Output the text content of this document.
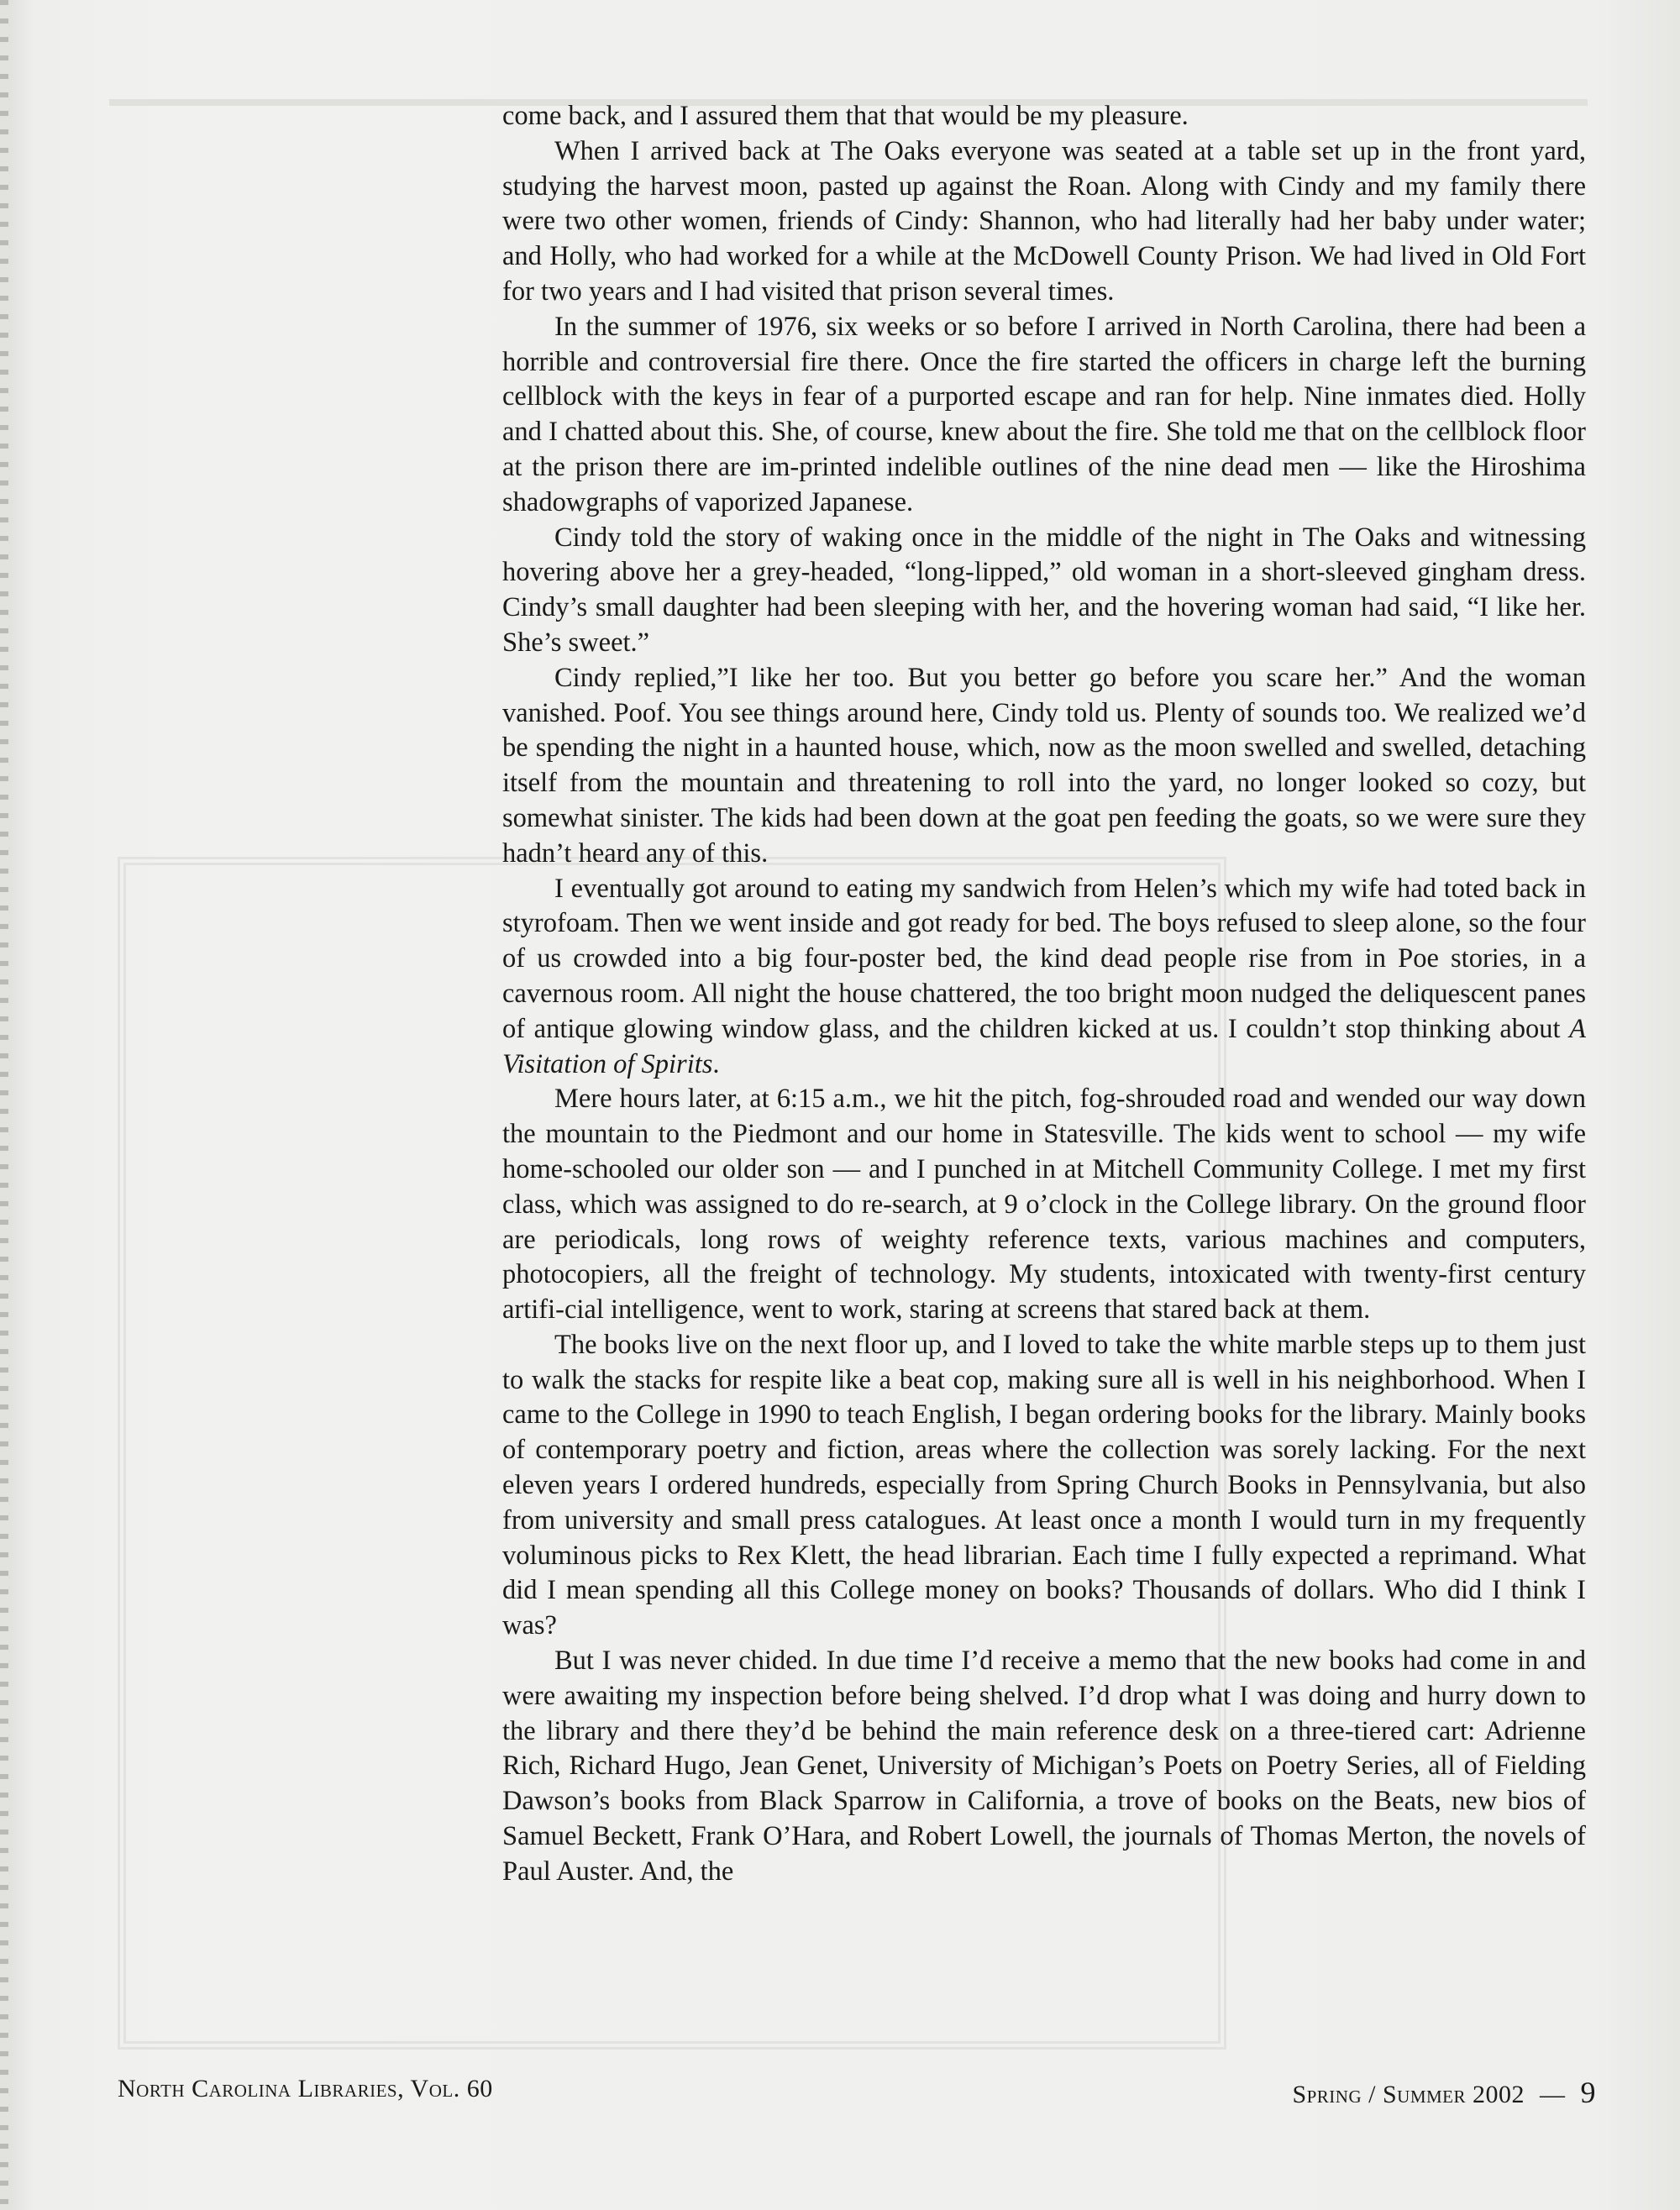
come back, and I assured them that that would be my pleasure.

When I arrived back at The Oaks everyone was seated at a table set up in the front yard, studying the harvest moon, pasted up against the Roan. Along with Cindy and my family there were two other women, friends of Cindy: Shannon, who had literally had her baby under water; and Holly, who had worked for a while at the McDowell County Prison. We had lived in Old Fort for two years and I had visited that prison several times.

In the summer of 1976, six weeks or so before I arrived in North Carolina, there had been a horrible and controversial fire there. Once the fire started the officers in charge left the burning cellblock with the keys in fear of a purported escape and ran for help. Nine inmates died. Holly and I chatted about this. She, of course, knew about the fire. She told me that on the cellblock floor at the prison there are im-printed indelible outlines of the nine dead men — like the Hiroshima shadowgraphs of vaporized Japanese.

Cindy told the story of waking once in the middle of the night in The Oaks and witnessing hovering above her a grey-headed, “long-lipped,” old woman in a short-sleeved gingham dress. Cindy’s small daughter had been sleeping with her, and the hovering woman had said, “I like her. She’s sweet.”

Cindy replied,”I like her too. But you better go before you scare her.” And the woman vanished. Poof. You see things around here, Cindy told us. Plenty of sounds too. We realized we’d be spending the night in a haunted house, which, now as the moon swelled and swelled, detaching itself from the mountain and threatening to roll into the yard, no longer looked so cozy, but somewhat sinister. The kids had been down at the goat pen feeding the goats, so we were sure they hadn’t heard any of this.

I eventually got around to eating my sandwich from Helen’s which my wife had toted back in styrofoam. Then we went inside and got ready for bed. The boys refused to sleep alone, so the four of us crowded into a big four-poster bed, the kind dead people rise from in Poe stories, in a cavernous room. All night the house chattered, the too bright moon nudged the deliquescent panes of antique glowing window glass, and the children kicked at us. I couldn’t stop thinking about A Visitation of Spirits.

Mere hours later, at 6:15 a.m., we hit the pitch, fog-shrouded road and wended our way down the mountain to the Piedmont and our home in Statesville. The kids went to school — my wife home-schooled our older son — and I punched in at Mitchell Community College. I met my first class, which was assigned to do re-search, at 9 o’clock in the College library. On the ground floor are periodicals, long rows of weighty reference texts, various machines and computers, photocopiers, all the freight of technology. My students, intoxicated with twenty-first century artifi-cial intelligence, went to work, staring at screens that stared back at them.

The books live on the next floor up, and I loved to take the white marble steps up to them just to walk the stacks for respite like a beat cop, making sure all is well in his neighborhood. When I came to the College in 1990 to teach English, I began ordering books for the library. Mainly books of contemporary poetry and fiction, areas where the collection was sorely lacking. For the next eleven years I ordered hundreds, especially from Spring Church Books in Pennsylvania, but also from university and small press catalogues. At least once a month I would turn in my frequently voluminous picks to Rex Klett, the head librarian. Each time I fully expected a reprimand. What did I mean spending all this College money on books? Thousands of dollars. Who did I think I was?

But I was never chided. In due time I’d receive a memo that the new books had come in and were awaiting my inspection before being shelved. I’d drop what I was doing and hurry down to the library and there they’d be behind the main reference desk on a three-tiered cart: Adrienne Rich, Richard Hugo, Jean Genet, University of Michigan’s Poets on Poetry Series, all of Fielding Dawson’s books from Black Sparrow in California, a trove of books on the Beats, new bios of Samuel Beckett, Frank O’Hara, and Robert Lowell, the journals of Thomas Merton, the novels of Paul Auster. And, the

North Carolina Libraries, Vol. 60	Spring / Summer 2002 — 9
